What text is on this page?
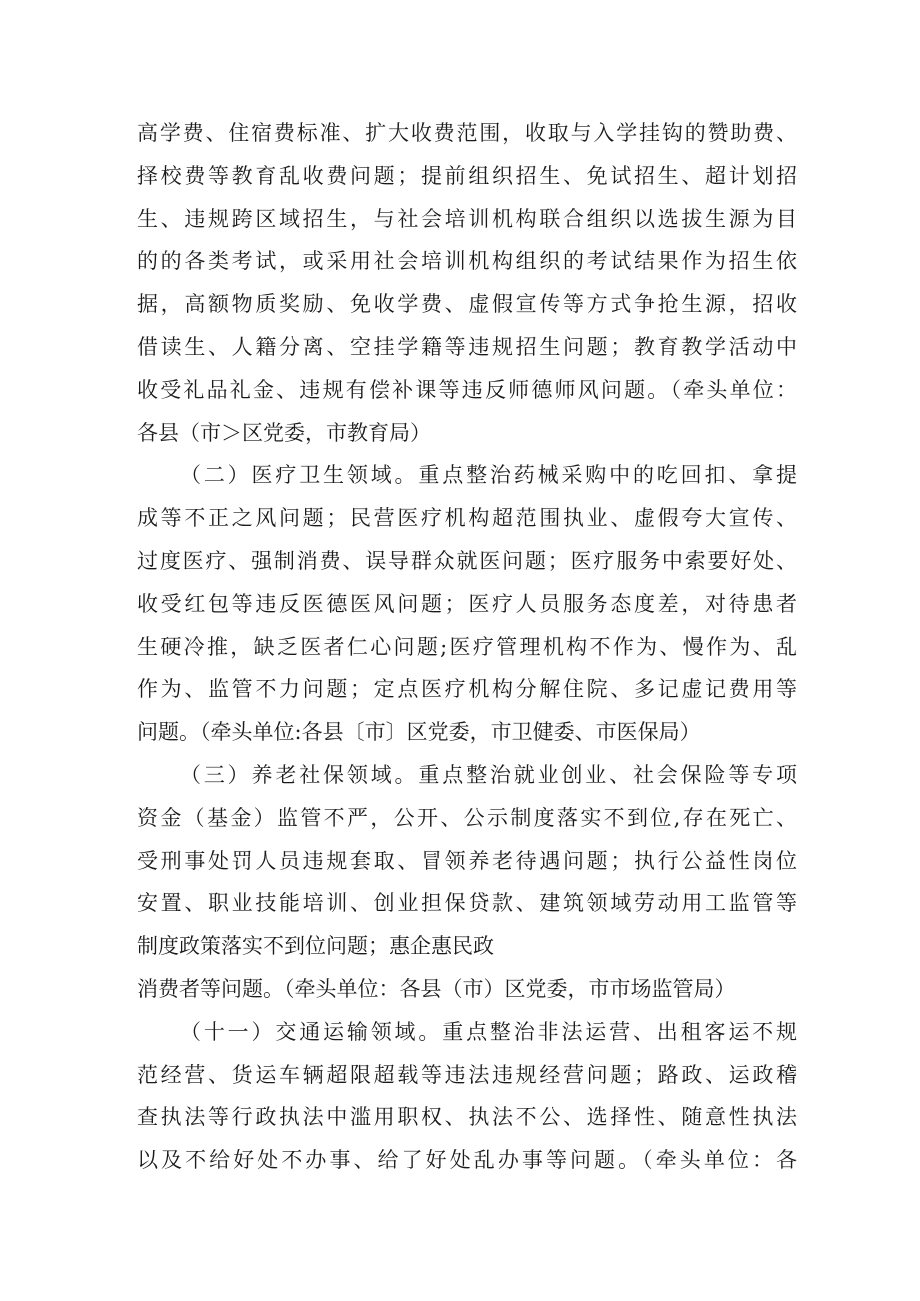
高学费、住宿费标准、扩大收费范围，收取与入学挂钩的赞助费、
择校费等教育乱收费问题；提前组织招生、免试招生、超计划招
生、违规跨区域招生，与社会培训机构联合组织以选拔生源为目
的的各类考试，或采用社会培训机构组织的考试结果作为招生依
据，高额物质奖励、免收学费、虚假宣传等方式争抢生源，招收
借读生、人籍分离、空挂学籍等违规招生问题；教育教学活动中
收受礼品礼金、违规有偿补课等违反师德师风问题。（牵头单位：
各县（市＞区党委，市教育局）
（二）医疗卫生领域。重点整治药械采购中的吃回扣、拿提
成等不正之风问题；民营医疗机构超范围执业、虚假夸大宣传、
过度医疗、强制消费、误导群众就医问题；医疗服务中索要好处、
收受红包等违反医德医风问题；医疗人员服务态度差，对待患者
生硬冷推，缺乏医者仁心问题;医疗管理机构不作为、慢作为、乱
作为、监管不力问题；定点医疗机构分解住院、多记虚记费用等
问题。（牵头单位:各县〔市〕区党委，市卫健委、市医保局）
（三）养老社保领域。重点整治就业创业、社会保险等专项
资金（基金）监管不严，公开、公示制度落实不到位,存在死亡、
受刑事处罚人员违规套取、冒领养老待遇问题；执行公益性岗位
安置、职业技能培训、创业担保贷款、建筑领域劳动用工监管等
制度政策落实不到位问题；惠企惠民政
消费者等问题。（牵头单位：各县（市）区党委，市市场监管局）
（十一）交通运输领域。重点整治非法运营、出租客运不规
范经营、货运车辆超限超载等违法违规经营问题；路政、运政稽
查执法等行政执法中滥用职权、执法不公、选择性、随意性执法
以及不给好处不办事、给了好处乱办事等问题。（牵头单位：各
